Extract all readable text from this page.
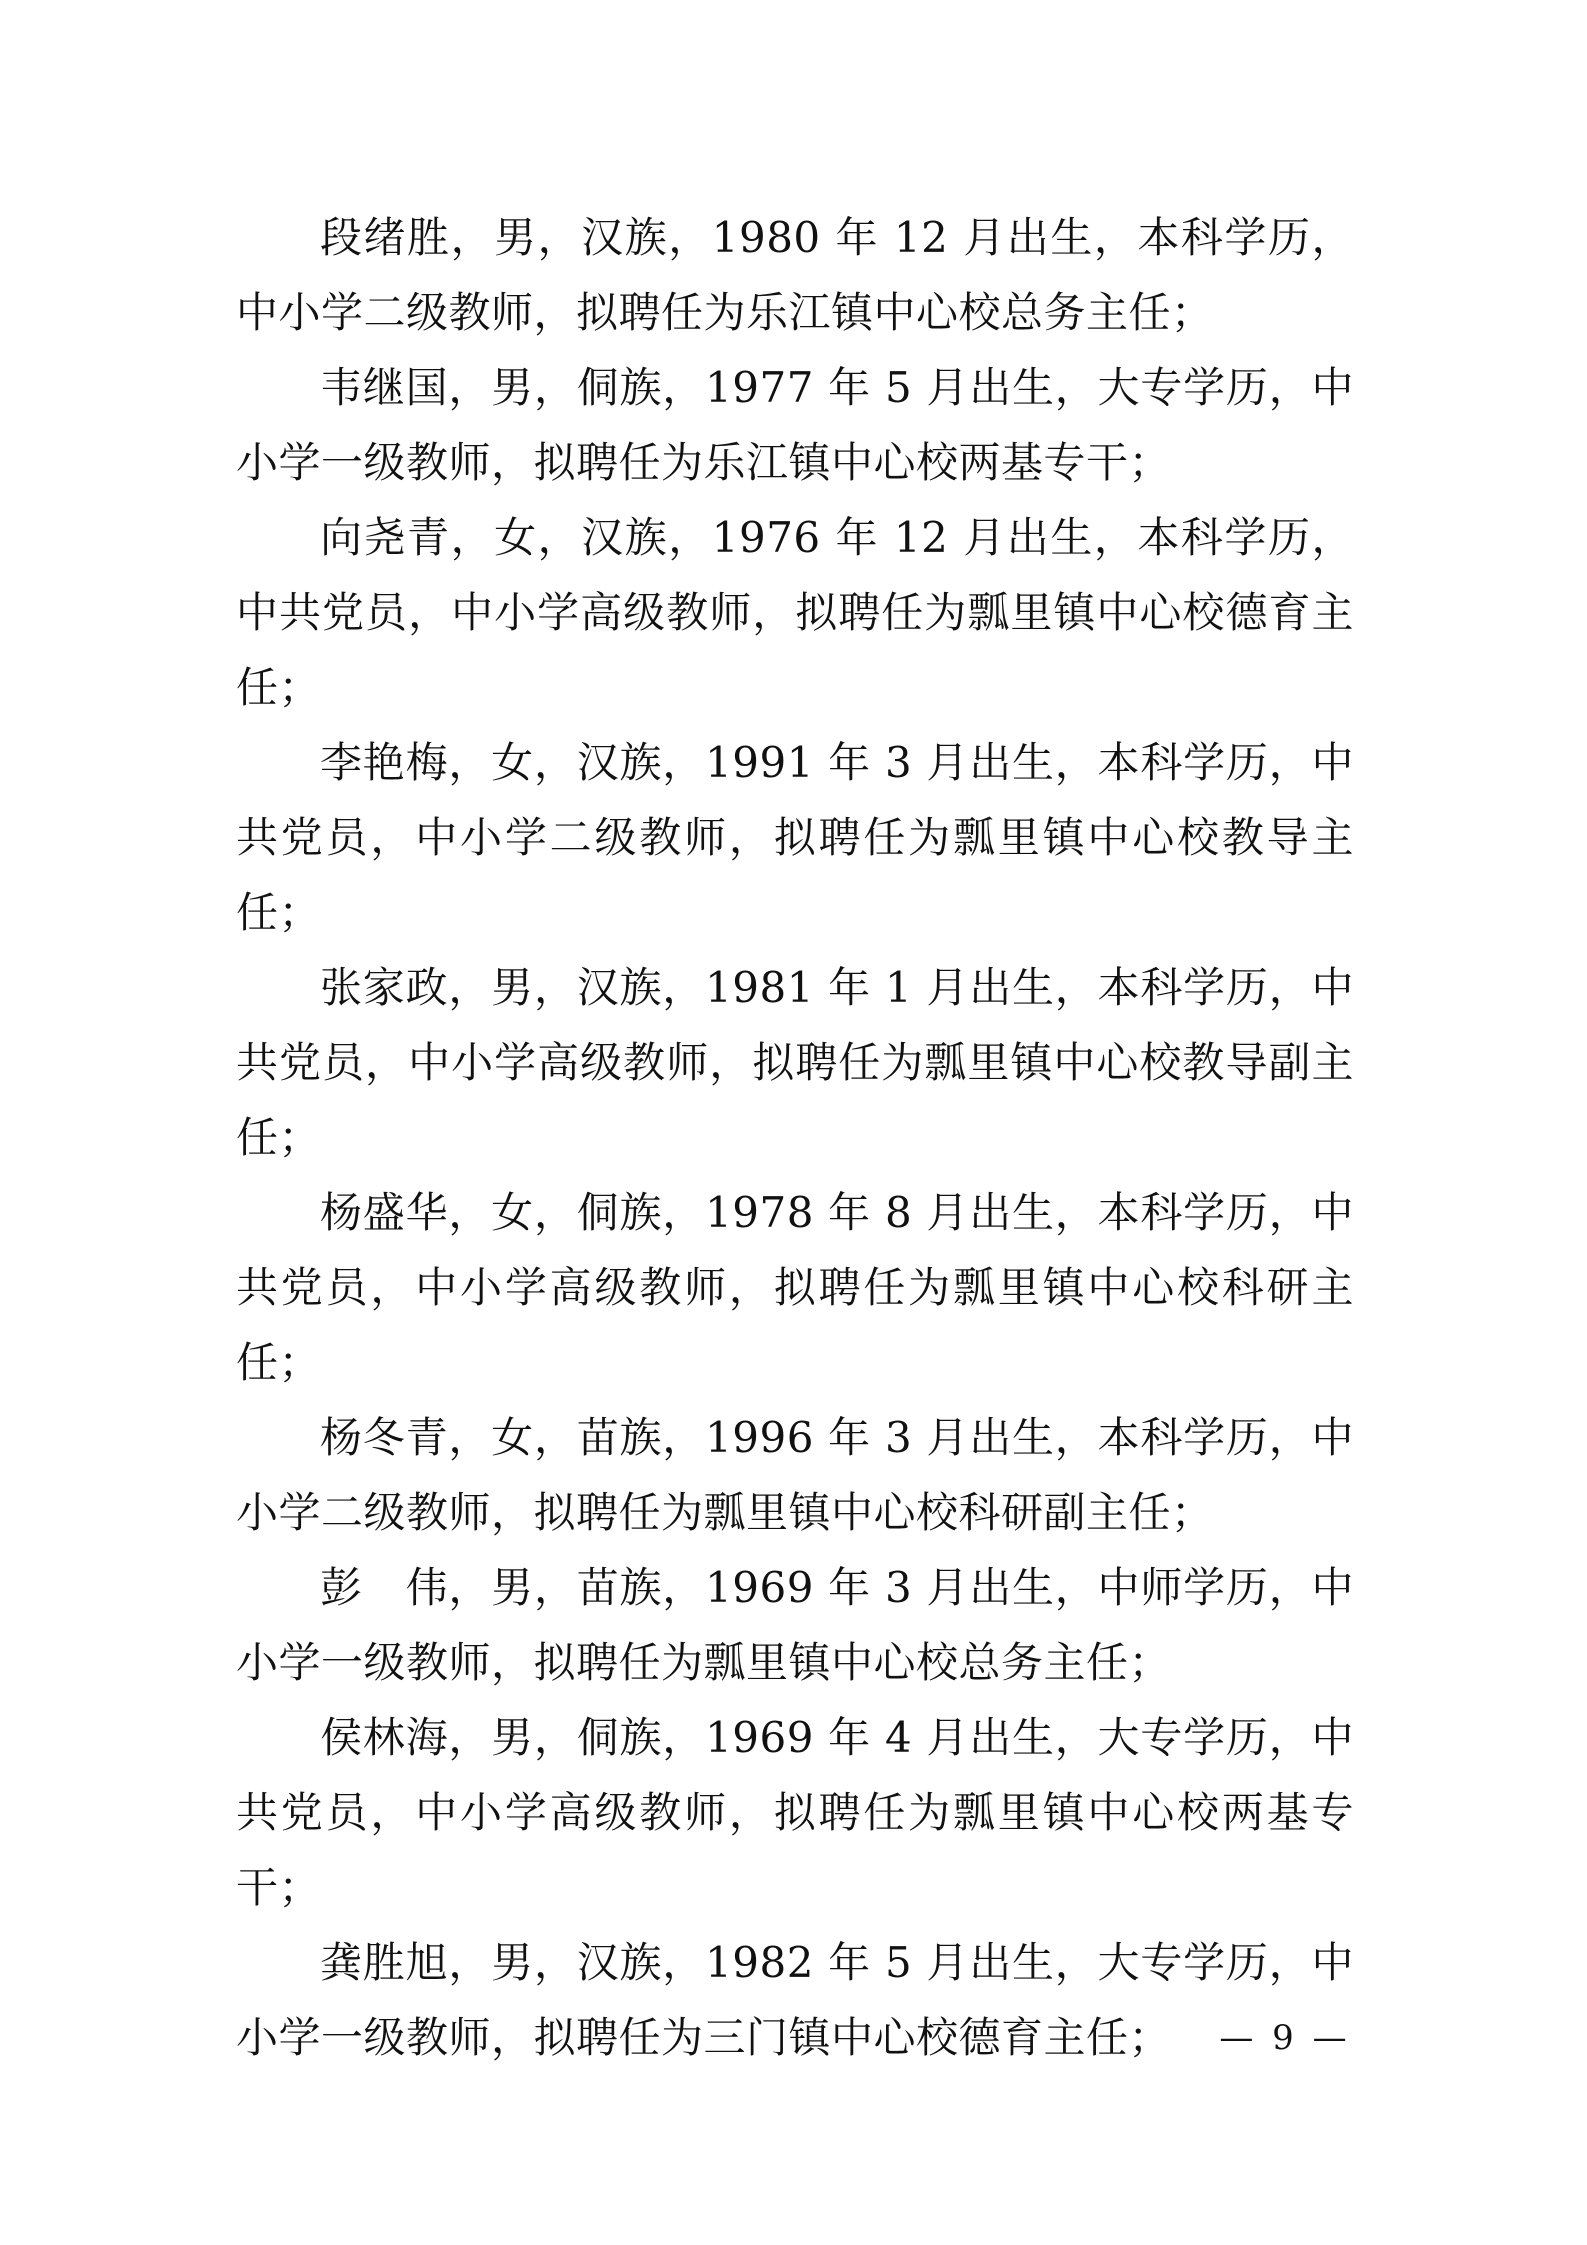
段绪胜，男，汉族，1980 年 12 月出生，本科学历，中小学二级教师，拟聘任为乐江镇中心校总务主任；

韦继国，男，侗族，1977 年 5 月出生，大专学历，中小学一级教师，拟聘任为乐江镇中心校两基专干；

向尧青，女，汉族，1976 年 12 月出生，本科学历，中共党员，中小学高级教师，拟聘任为瓢里镇中心校德育主任；

李艳梅，女，汉族，1991 年 3 月出生，本科学历，中共党员，中小学二级教师，拟聘任为瓢里镇中心校教导主任；

张家政，男，汉族，1981 年 1 月出生，本科学历，中共党员，中小学高级教师，拟聘任为瓢里镇中心校教导副主任；

杨盛华，女，侗族，1978 年 8 月出生，本科学历，中共党员，中小学高级教师，拟聘任为瓢里镇中心校科研主任；

杨冬青，女，苗族，1996 年 3 月出生，本科学历，中小学二级教师，拟聘任为瓢里镇中心校科研副主任；

彭　伟，男，苗族，1969 年 3 月出生，中师学历，中小学一级教师，拟聘任为瓢里镇中心校总务主任；

侯林海，男，侗族，1969 年 4 月出生，大专学历，中共党员，中小学高级教师，拟聘任为瓢里镇中心校两基专干；

龚胜旭，男，汉族，1982 年 5 月出生，大专学历，中小学一级教师，拟聘任为三门镇中心校德育主任；	— 9 —
